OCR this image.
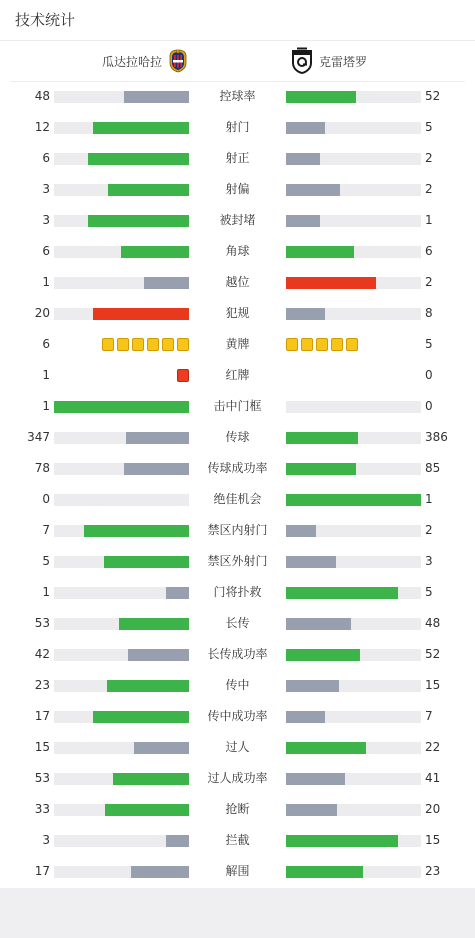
技术统计
瓜达拉哈拉	克雷塔罗
48	控球率	52
12	射门	5
6	射正	2
3	射偏	2
3	被封堵	1
6	角球	6
1	越位	2
20	犯规	8
6	黄牌	5
1	红牌	0
1	击中门框	0
347	传球	386
78	传球成功率	85
0	绝佳机会	1
7	禁区内射门	2
5	禁区外射门	3
1	门将扑救	5
53	长传	48
42	长传成功率	52
23	传中	15
17	传中成功率	7
15	过人	22
53	过人成功率	41
33	抢断	20
3	拦截	15
17	解围	23
